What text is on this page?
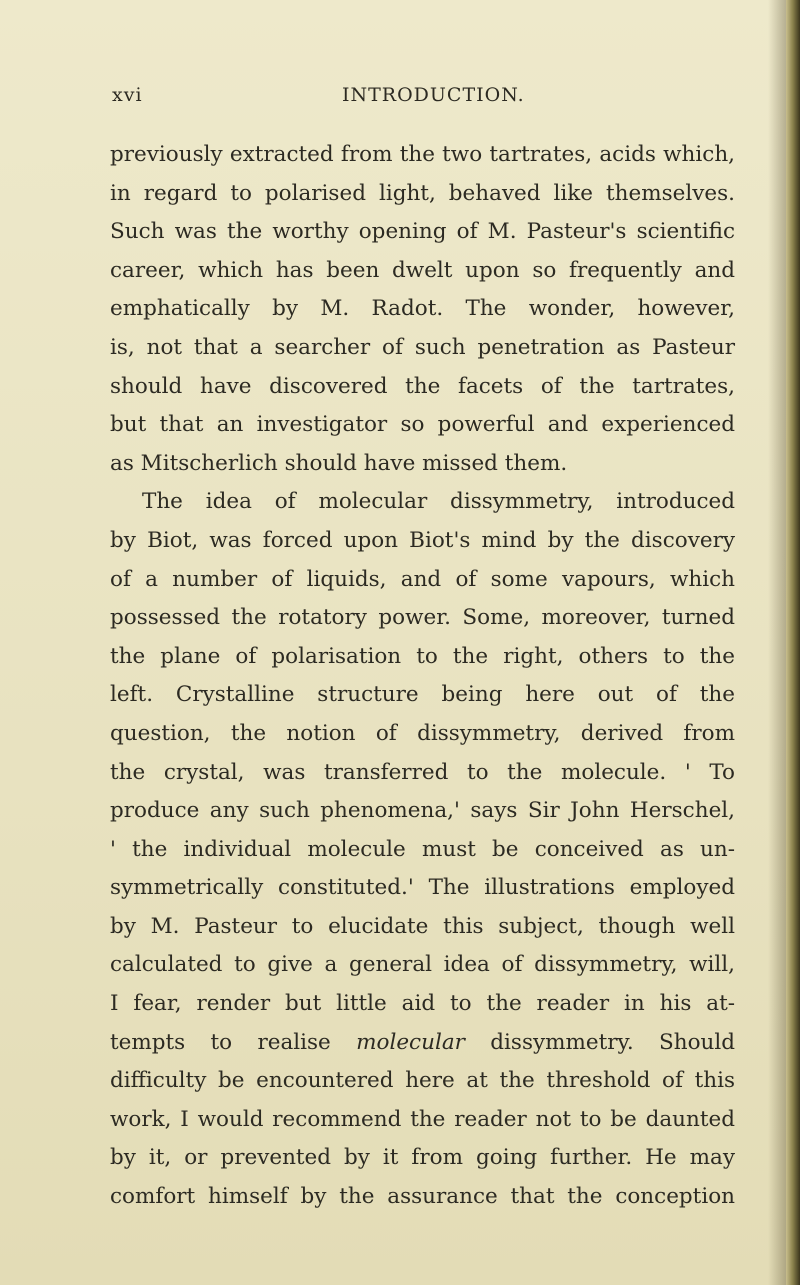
xvi	INTRODUCTION.
previously extracted from the two tartrates, acids which,
in regard to polarised light, behaved like themselves.
Such was the worthy opening of M. Pasteur's scientific
career, which has been dwelt upon so frequently and
emphatically by M. Radot. The wonder, however,
is, not that a searcher of such penetration as Pasteur
should have discovered the facets of the tartrates,
but that an investigator so powerful and experienced
as Mitscherlich should have missed them.
The idea of molecular dissymmetry, introduced
by Biot, was forced upon Biot's mind by the discovery
of a number of liquids, and of some vapours, which
possessed the rotatory power. Some, moreover, turned
the plane of polarisation to the right, others to the
left. Crystalline structure being here out of the
question, the notion of dissymmetry, derived from
the crystal, was transferred to the molecule. ' To
produce any such phenomena,' says Sir John Herschel,
' the individual molecule must be conceived as un-
symmetrically constituted.' The illustrations employed
by M. Pasteur to elucidate this subject, though well
calculated to give a general idea of dissymmetry, will,
I fear, render but little aid to the reader in his at-
tempts to realise molecular dissymmetry. Should
difficulty be encountered here at the threshold of this
work, I would recommend the reader not to be daunted
by it, or prevented by it from going further. He may
comfort himself by the assurance that the conception
